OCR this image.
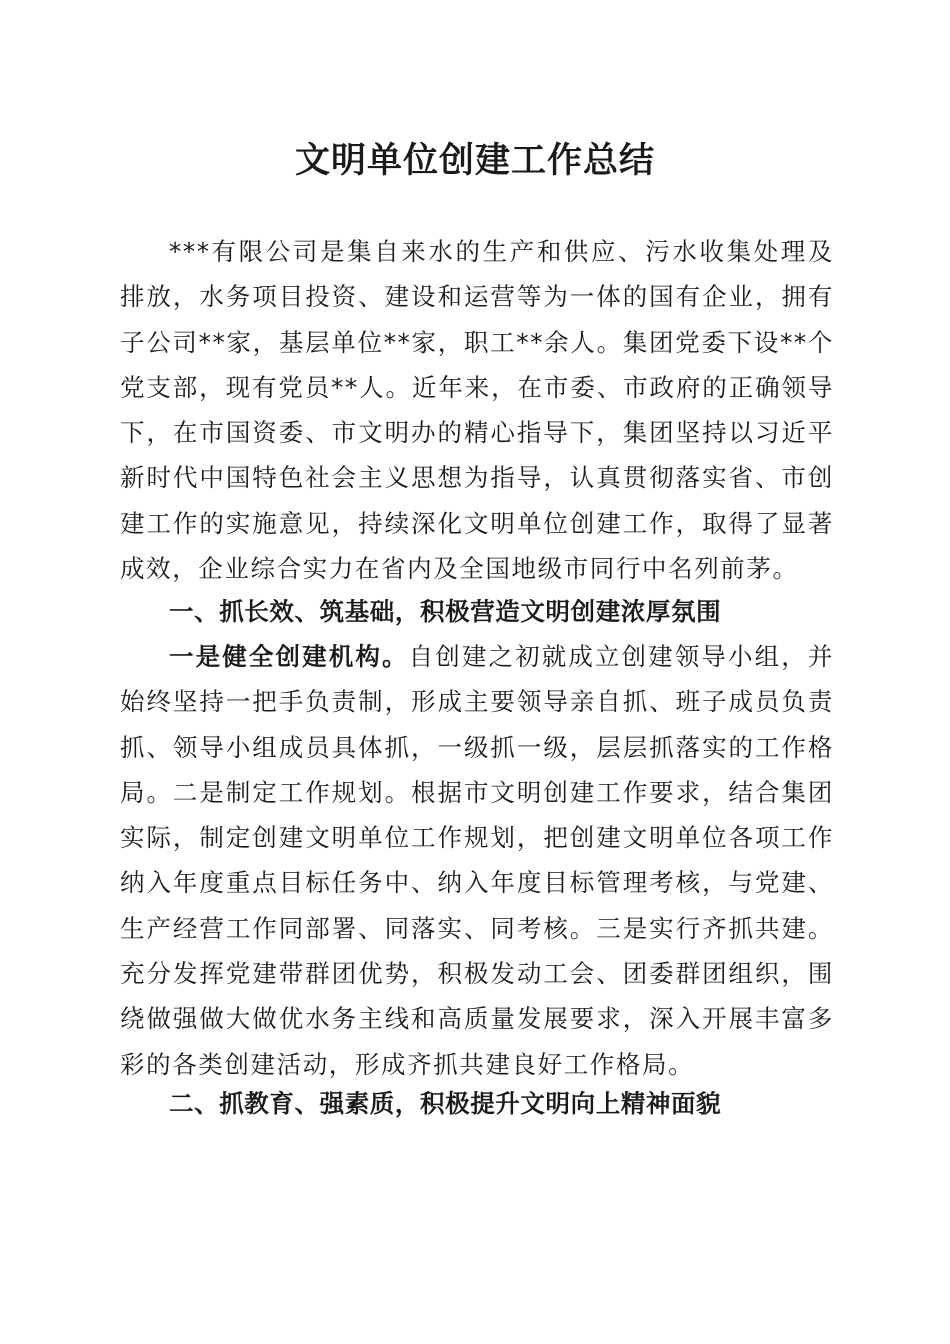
文明单位创建工作总结

***有限公司是集自来水的生产和供应、污水收集处理及排放，水务项目投资、建设和运营等为一体的国有企业，拥有子公司**家，基层单位**家，职工**余人。集团党委下设**个党支部，现有党员**人。近年来，在市委、市政府的正确领导下，在市国资委、市文明办的精心指导下，集团坚持以习近平新时代中国特色社会主义思想为指导，认真贯彻落实省、市创建工作的实施意见，持续深化文明单位创建工作，取得了显著成效，企业综合实力在省内及全国地级市同行中名列前茅。

一、抓长效、筑基础，积极营造文明创建浓厚氛围

一是健全创建机构。自创建之初就成立创建领导小组，并始终坚持一把手负责制，形成主要领导亲自抓、班子成员负责抓、领导小组成员具体抓，一级抓一级，层层抓落实的工作格局。二是制定工作规划。根据市文明创建工作要求，结合集团实际，制定创建文明单位工作规划，把创建文明单位各项工作纳入年度重点目标任务中、纳入年度目标管理考核，与党建、生产经营工作同部署、同落实、同考核。三是实行齐抓共建。充分发挥党建带群团优势，积极发动工会、团委群团组织，围绕做强做大做优水务主线和高质量发展要求，深入开展丰富多彩的各类创建活动，形成齐抓共建良好工作格局。

二、抓教育、强素质，积极提升文明向上精神面貌
